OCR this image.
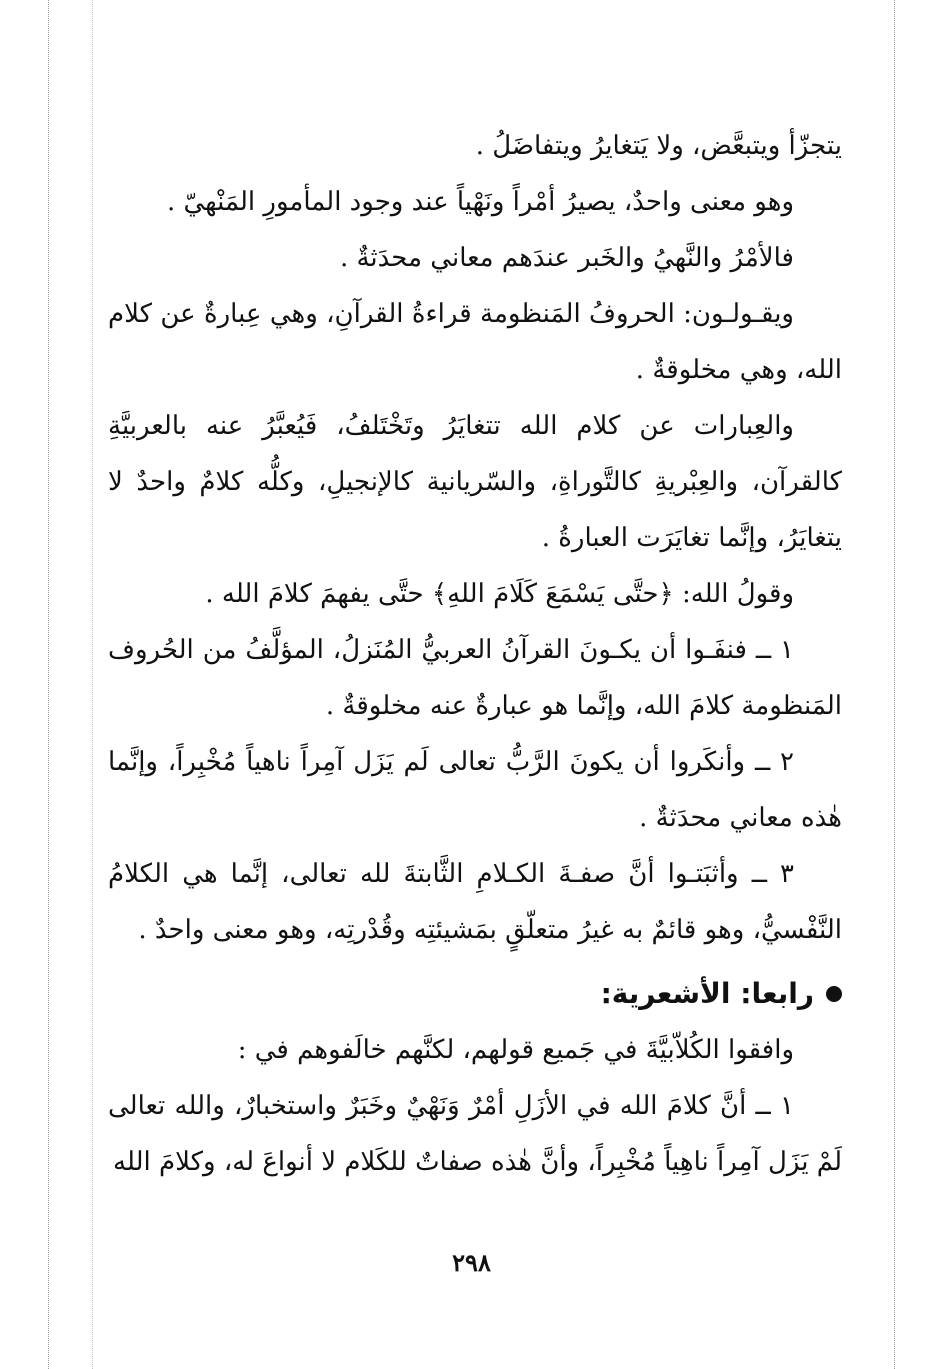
يتجزّأ ويتبعَّض، ولا يَتغايرُ ويتفاضَلُ .

وهو معنى واحدٌ، يصيرُ أمْراً ونَهْياً عند وجود المأمورِ المَنْهيّ .

فالأمْرُ والنَّهيُ والخَبر عندَهم معاني محدَثةٌ .

ويقـولـون: الحروفُ المَنظومة قراءةُ القرآنِ، وهي عِبارةٌ عن كلام الله، وهي مخلوقةٌ .

والعِبارات عن كلام الله تتغايَرُ وتَخْتَلفُ، فَيُعبَّرُ عنه بالعربيَّةِ كالقرآن، والعِبْريةِ كالتَّوراةِ، والسّريانية كالإنجيلِ، وكلُّه كلامٌ واحدٌ لا يتغايَرُ، وإنَّما تغايَرَت العبارةُ .

وقولُ الله: ﴿حتَّى يَسْمَعَ كَلَامَ اللهِ﴾ حتَّى يفهمَ كلامَ الله .

١ ــ فنفَـوا أن يكـونَ القرآنُ العربيُّ المُنَزلُ، المؤلَّفُ من الحُروف المَنظومة كلامَ الله، وإنَّما هو عبارةٌ عنه مخلوقةٌ .

٢ ــ وأنكَروا أن يكونَ الرَّبُّ تعالى لَم يَزَل آمِراً ناهياً مُخْبِراً، وإنَّما هٰذه معاني محدَثةٌ .

٣ ــ وأثبَتـوا أنَّ صفـةَ الكـلامِ الثَّابتةَ لله تعالى، إنَّما هي الكلامُ النَّفْسيُّ، وهو قائمٌ به غيرُ متعلّقٍ بمَشيئتِه وقُدْرتِه، وهو معنى واحدٌ .

رابعا: الأشعرية:

وافقوا الكُلاّبيَّةَ في جَميع قولهم، لكنَّهم خالَفوهم في :

١ ــ أنَّ كلامَ الله في الأزَلِ أمْرٌ وَنَهْيٌ وخَبَرٌ واستخبارٌ، والله تعالى لَمْ يَزَل آمِراً ناهِياً مُخْبِراً، وأنَّ هٰذه صفاتٌ للكَلام لا أنواعَ له، وكلامَ الله

٢٩٨
